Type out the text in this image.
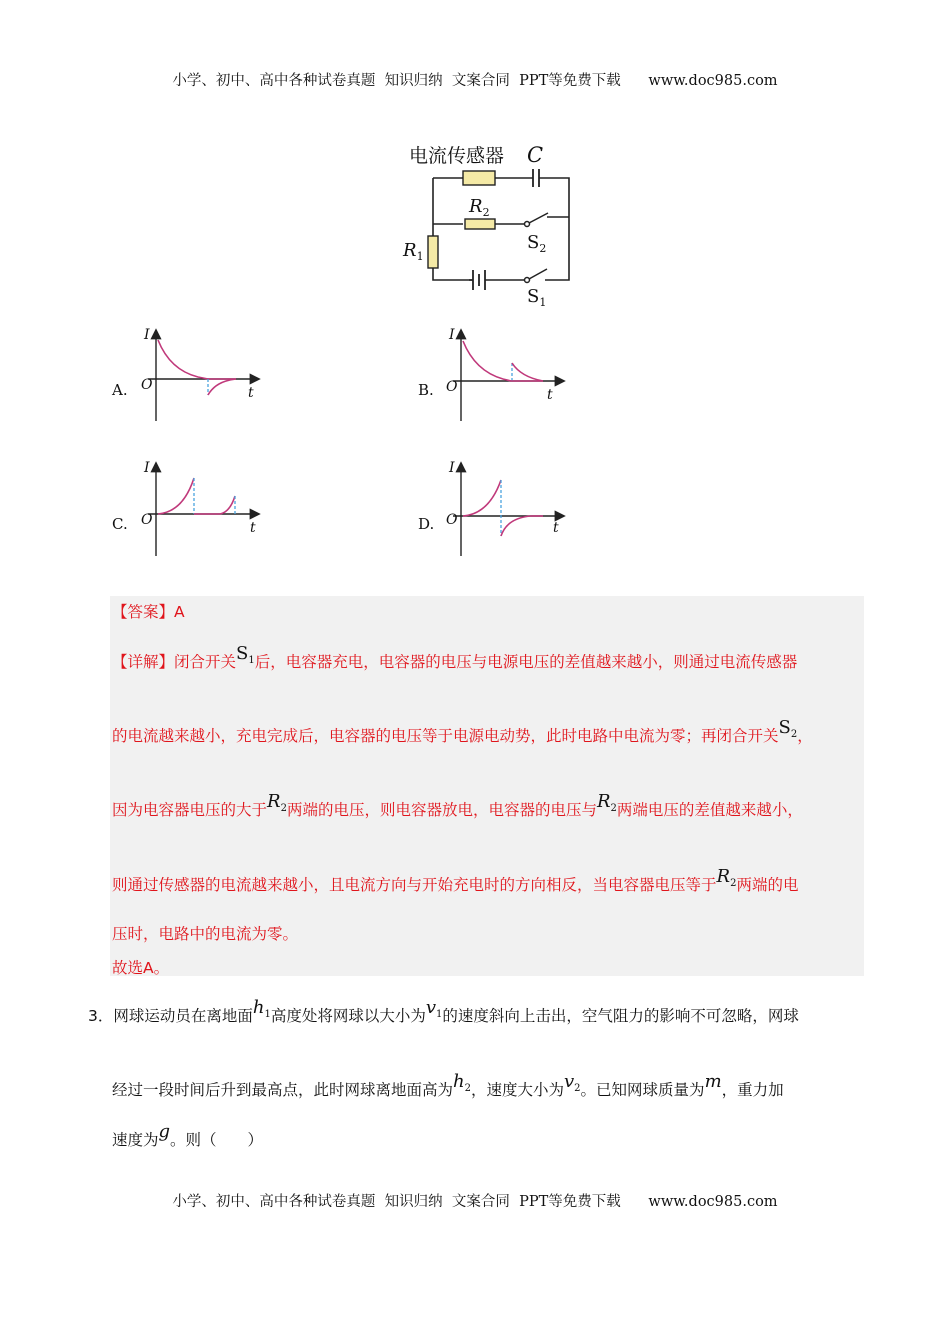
小学、初中、高中各种试卷真题  知识归纳  文案合同  PPT等免费下载      www.doc985.com
电流传感器 C
$R_2$
$S_2$
$R_1$
$S_1$
A.
I
t
O	B.
I
t
O
C.
I
t
O	D.
I
t
O
【答案】A
【详解】闭合开关$S_1$后，电容器充电，电容器的电压与电源电压的差值越来越小，则通过电流传感器
的电流越来越小，充电完成后，电容器的电压等于电源电动势，此时电路中电流为零；再闭合开关$S_2$，
因为电容器电压的大于$R_2$两端的电压，则电容器放电，电容器的电压与$R_2$两端电压的差值越来越小，
则通过传感器的电流越来越小，且电流方向与开始充电时的方向相反，当电容器电压等于$R_2$两端的电
压时，电路中的电流为零。
故选A。
3．网球运动员在离地面$h_1$高度处将网球以大小为$v_1$的速度斜向上击出，空气阻力的影响不可忽略，网球
经过一段时间后升到最高点，此时网球离地面高为$h_2$，速度大小为$v_2$。已知网球质量为m，重力加
速度为g。则（　　）
小学、初中、高中各种试卷真题  知识归纳  文案合同  PPT等免费下载      www.doc985.com
